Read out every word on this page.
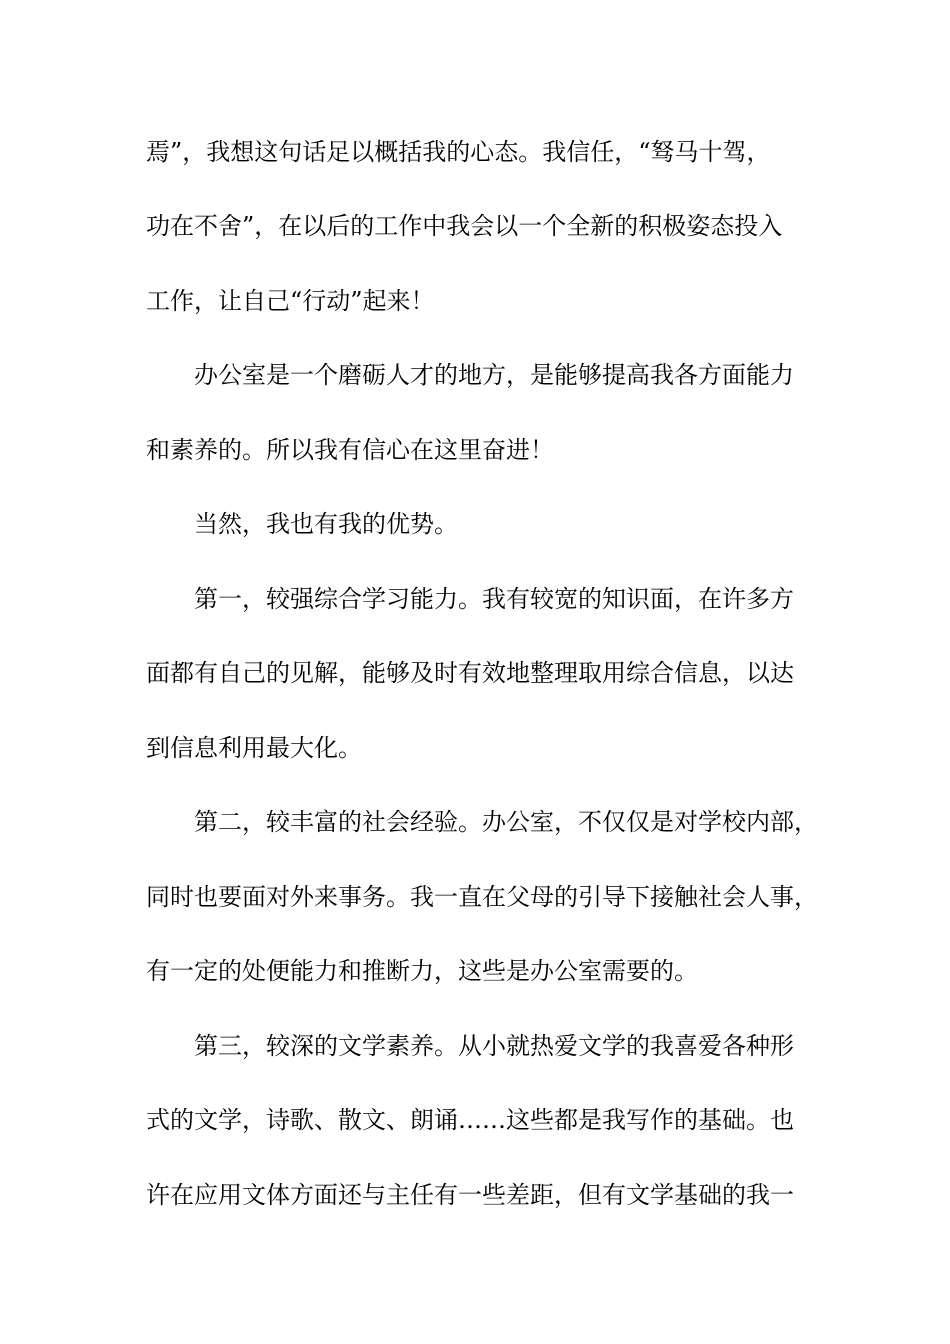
焉”，我想这句话足以概括我的心态。我信任，“驽马十驾，
功在不舍”，在以后的工作中我会以一个全新的积极姿态投入
工作，让自己“行动”起来！
办公室是一个磨砺人才的地方，是能够提高我各方面能力
和素养的。所以我有信心在这里奋进！
当然，我也有我的优势。
第一，较强综合学习能力。我有较宽的知识面，在许多方
面都有自己的见解，能够及时有效地整理取用综合信息，以达
到信息利用最大化。
第二，较丰富的社会经验。办公室，不仅仅是对学校内部，
同时也要面对外来事务。我一直在父母的引导下接触社会人事，
有一定的处便能力和推断力，这些是办公室需要的。
第三，较深的文学素养。从小就热爱文学的我喜爱各种形
式的文学，诗歌、散文、朗诵……这些都是我写作的基础。也
许在应用文体方面还与主任有一些差距，但有文学基础的我一
